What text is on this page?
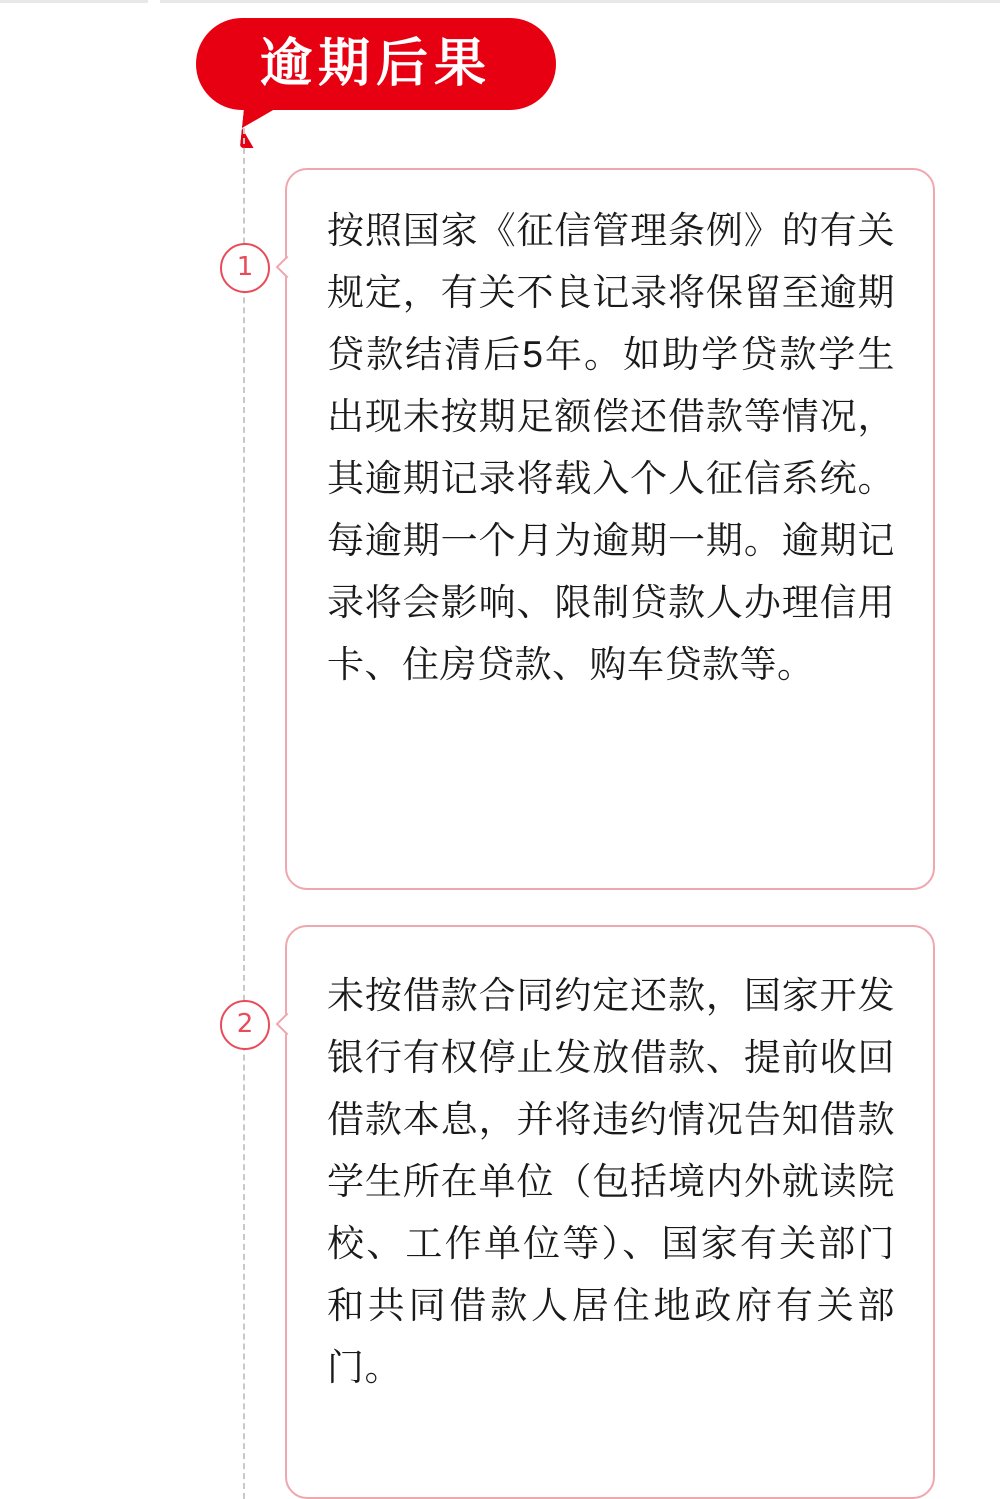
逾期后果
1
按照国家《征信管理条例》的有关规定，有关不良记录将保留至逾期贷款结清后5年。如助学贷款学生出现未按期足额偿还借款等情况，其逾期记录将载入个人征信系统。每逾期一个月为逾期一期。逾期记录将会影响、限制贷款人办理信用卡、住房贷款、购车贷款等。
2
未按借款合同约定还款，国家开发银行有权停止发放借款、提前收回借款本息，并将违约情况告知借款学生所在单位（包括境内外就读院校、工作单位等）、国家有关部门和共同借款人居住地政府有关部门。
